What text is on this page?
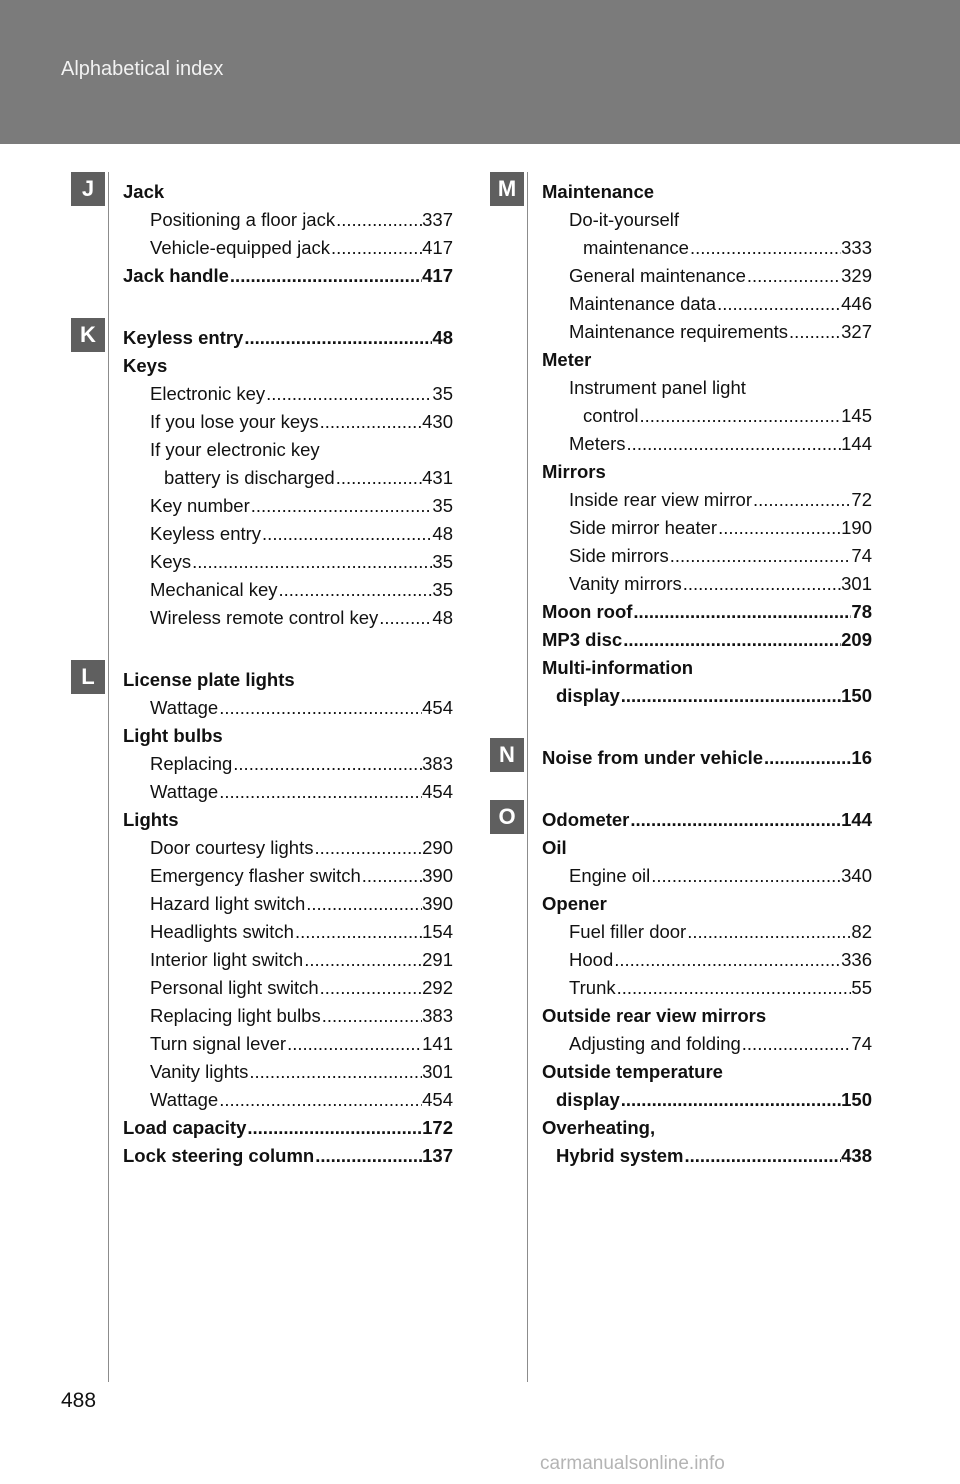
Alphabetical index
J	Jack
Positioning a floor jack .....	337
Vehicle-equipped jack .....	417
Jack handle .....	417
K	Keyless entry .....	48
Keys
Electronic key .....	35
If you lose your keys .....	430
If your electronic key
battery is discharged .....	431
Key number .....	35
Keyless entry .....	48
Keys .....	35
Mechanical key .....	35
Wireless remote control key .....	48
L	License plate lights
Wattage .....	454
Light bulbs
Replacing .....	383
Wattage .....	454
Lights
Door courtesy lights .....	290
Emergency flasher switch .....	390
Hazard light switch .....	390
Headlights switch .....	154
Interior light switch .....	291
Personal light switch .....	292
Replacing light bulbs .....	383
Turn signal lever .....	141
Vanity lights .....	301
Wattage .....	454
Load capacity .....	172
Lock steering column .....	137
M	Maintenance
Do-it-yourself
maintenance .....	333
General maintenance .....	329
Maintenance data .....	446
Maintenance requirements .....	327
Meter
Instrument panel light
control .....	145
Meters .....	144
Mirrors
Inside rear view mirror .....	72
Side mirror heater .....	190
Side mirrors .....	74
Vanity mirrors .....	301
Moon roof .....	78
MP3 disc .....	209
Multi-information
display .....	150
N	Noise from under vehicle .....	16
O	Odometer .....	144
Oil
Engine oil .....	340
Opener
Fuel filler door .....	82
Hood .....	336
Trunk .....	55
Outside rear view mirrors
Adjusting and folding .....	74
Outside temperature
display .....	150
Overheating,
Hybrid system .....	438
488
carmanualsonline.info
